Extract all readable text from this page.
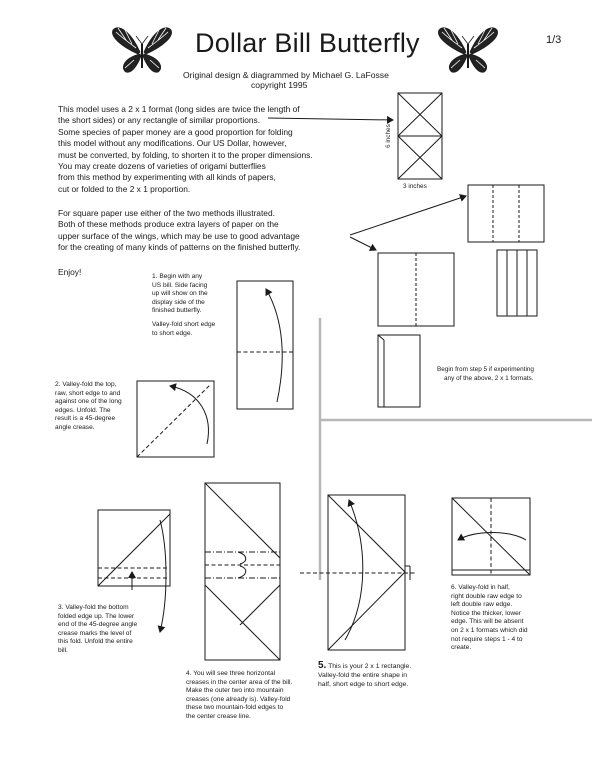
Dollar Bill Butterfly	1/3
Original design & diagrammed by Michael G. LaFosse
copyright 1995
This model uses a 2 x 1 format (long sides are twice the length of
the short sides) or any rectangle of similar proportions.
Some species of paper money are a good proportion for folding
this model without any modifications. Our US Dollar, however,
must be converted, by folding, to shorten it to the proper dimensions.
You may create dozens of varieties of origami butterflies
from this method by experimenting with all kinds of papers,
cut or folded to the 2 x 1 proportion.
For square paper use either of the two methods illustrated.
Both of these methods produce extra layers of paper on the
upper surface of the wings, which may be use to good advantage
for the creating of many kinds of patterns on the finished butterfly.
Enjoy!
6 inches
3 inches
Begin from step 5 if experimenting
any of the above, 2 x 1 formats.
1. Begin with any
US bill. Side facing
up will show on the
display side of the
finished butterfly.
Valley-fold short edge
to short edge.
2. Valley-fold the top,
raw, short edge to and
against one of the long
edges. Unfold. The
result is a 45-degree
angle crease.
3. Valley-fold the bottom
folded edge up. The lower
end of the 45-degree angle
crease marks the level of
this fold. Unfold the entire
bill.
4. You will see three horizontal
creases in the center area of the bill.
Make the outer two into mountain
creases (one already is). Valley-fold
these two mountain-fold edges to
the center crease line.
5. This is your 2 x 1 rectangle.
Valley-fold the entire shape in
half, short edge to short edge.
6. Valley-fold in half,
right double raw edge to
left double raw edge.
Notice the thicker, lower
edge. This will be absent
on 2 x 1 formats which did
not require steps 1 - 4 to
create.
